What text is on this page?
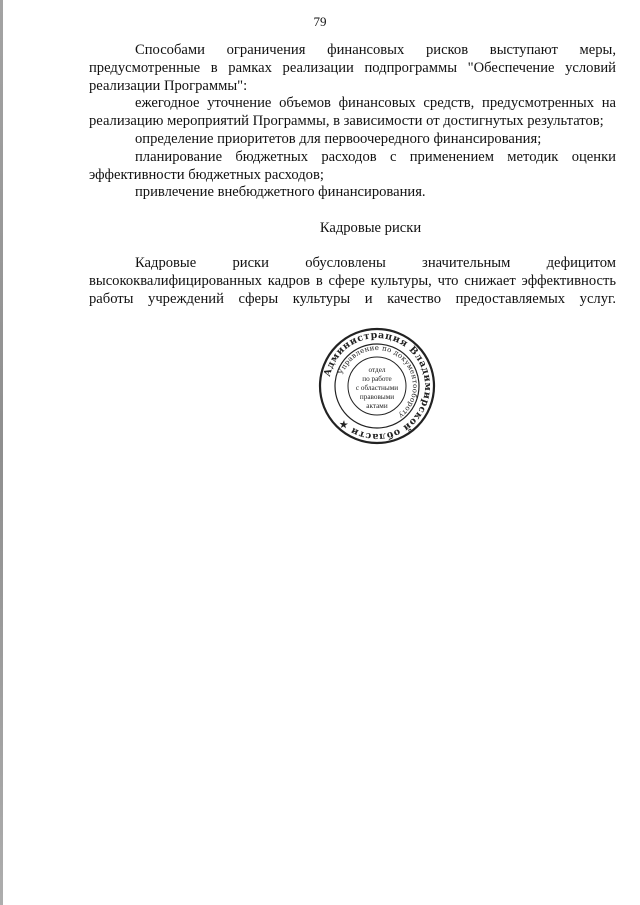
79

Способами ограничения финансовых рисков выступают меры, предусмотренные в рамках реализации подпрограммы "Обеспечение условий реализации Программы":

ежегодное уточнение объемов финансовых средств, предусмотренных на реализацию мероприятий Программы, в зависимости от достигнутых результатов;

определение приоритетов для первоочередного финансирования;

планирование бюджетных расходов с применением методик оценки эффективности бюджетных расходов;

привлечение внебюджетного финансирования.

Кадровые риски

Кадровые риски обусловлены значительным дефицитом высококвалифицированных кадров в сфере культуры, что снижает эффективность работы учреждений сферы культуры и качество предоставляемых услуг.

Администрация Владимирской области ★
Управление по документообороту
отдел
по работе
с областными
правовыми
актами
